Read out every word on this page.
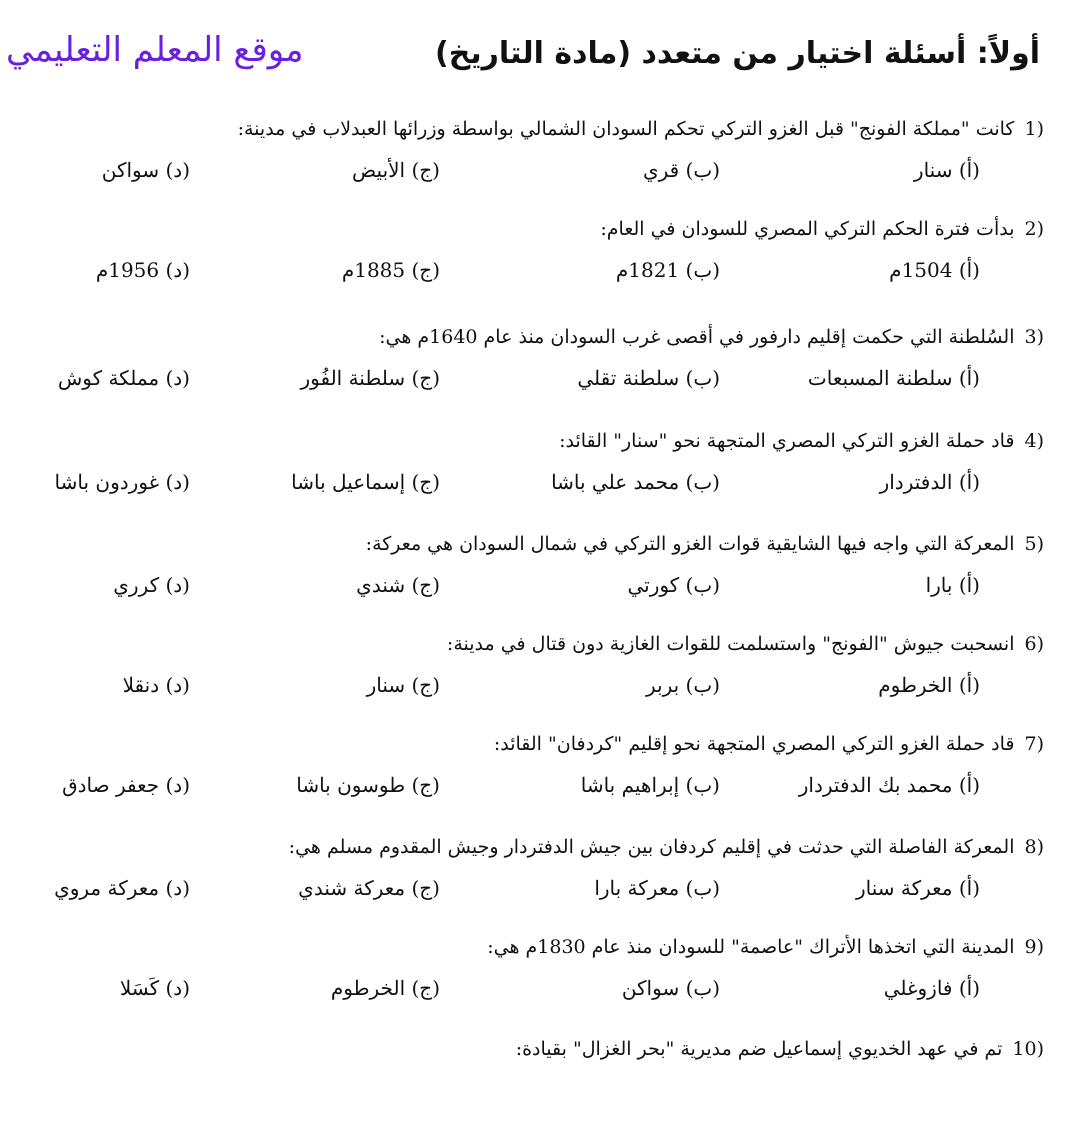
موقع المعلم التعليمي	أولاً: أسئلة اختيار من متعدد (مادة التاريخ)
1)
كانت "مملكة الفونج" قبل الغزو التركي تحكم السودان الشمالي بواسطة وزرائها العبدلاب في مدينة:
(أ) سنار
(ب) قري
(ج) الأبيض
(د) سواكن
2)
بدأت فترة الحكم التركي المصري للسودان في العام:
(أ) 1504م
(ب) 1821م
(ج) 1885م
(د) 1956م
3)
السُلطنة التي حكمت إقليم دارفور في أقصى غرب السودان منذ عام 1640م هي:
(أ) سلطنة المسبعات
(ب) سلطنة تقلي
(ج) سلطنة الفُور
(د) مملكة كوش
4)
قاد حملة الغزو التركي المصري المتجهة نحو "سنار" القائد:
(أ) الدفتردار
(ب) محمد علي باشا
(ج) إسماعيل باشا
(د) غوردون باشا
5)
المعركة التي واجه فيها الشايقية قوات الغزو التركي في شمال السودان هي معركة:
(أ) بارا
(ب) كورتي
(ج) شندي
(د) كرري
6)
انسحبت جيوش "الفونج" واستسلمت للقوات الغازية دون قتال في مدينة:
(أ) الخرطوم
(ب) بربر
(ج) سنار
(د) دنقلا
7)
قاد حملة الغزو التركي المصري المتجهة نحو إقليم "كردفان" القائد:
(أ) محمد بك الدفتردار
(ب) إبراهيم باشا
(ج) طوسون باشا
(د) جعفر صادق
8)
المعركة الفاصلة التي حدثت في إقليم كردفان بين جيش الدفتردار وجيش المقدوم مسلم هي:
(أ) معركة سنار
(ب) معركة بارا
(ج) معركة شندي
(د) معركة مروي
9)
المدينة التي اتخذها الأتراك "عاصمة" للسودان منذ عام 1830م هي:
(أ) فازوغلي
(ب) سواكن
(ج) الخرطوم
(د) كَسَلا
10)
تم في عهد الخديوي إسماعيل ضم مديرية "بحر الغزال" بقيادة:
